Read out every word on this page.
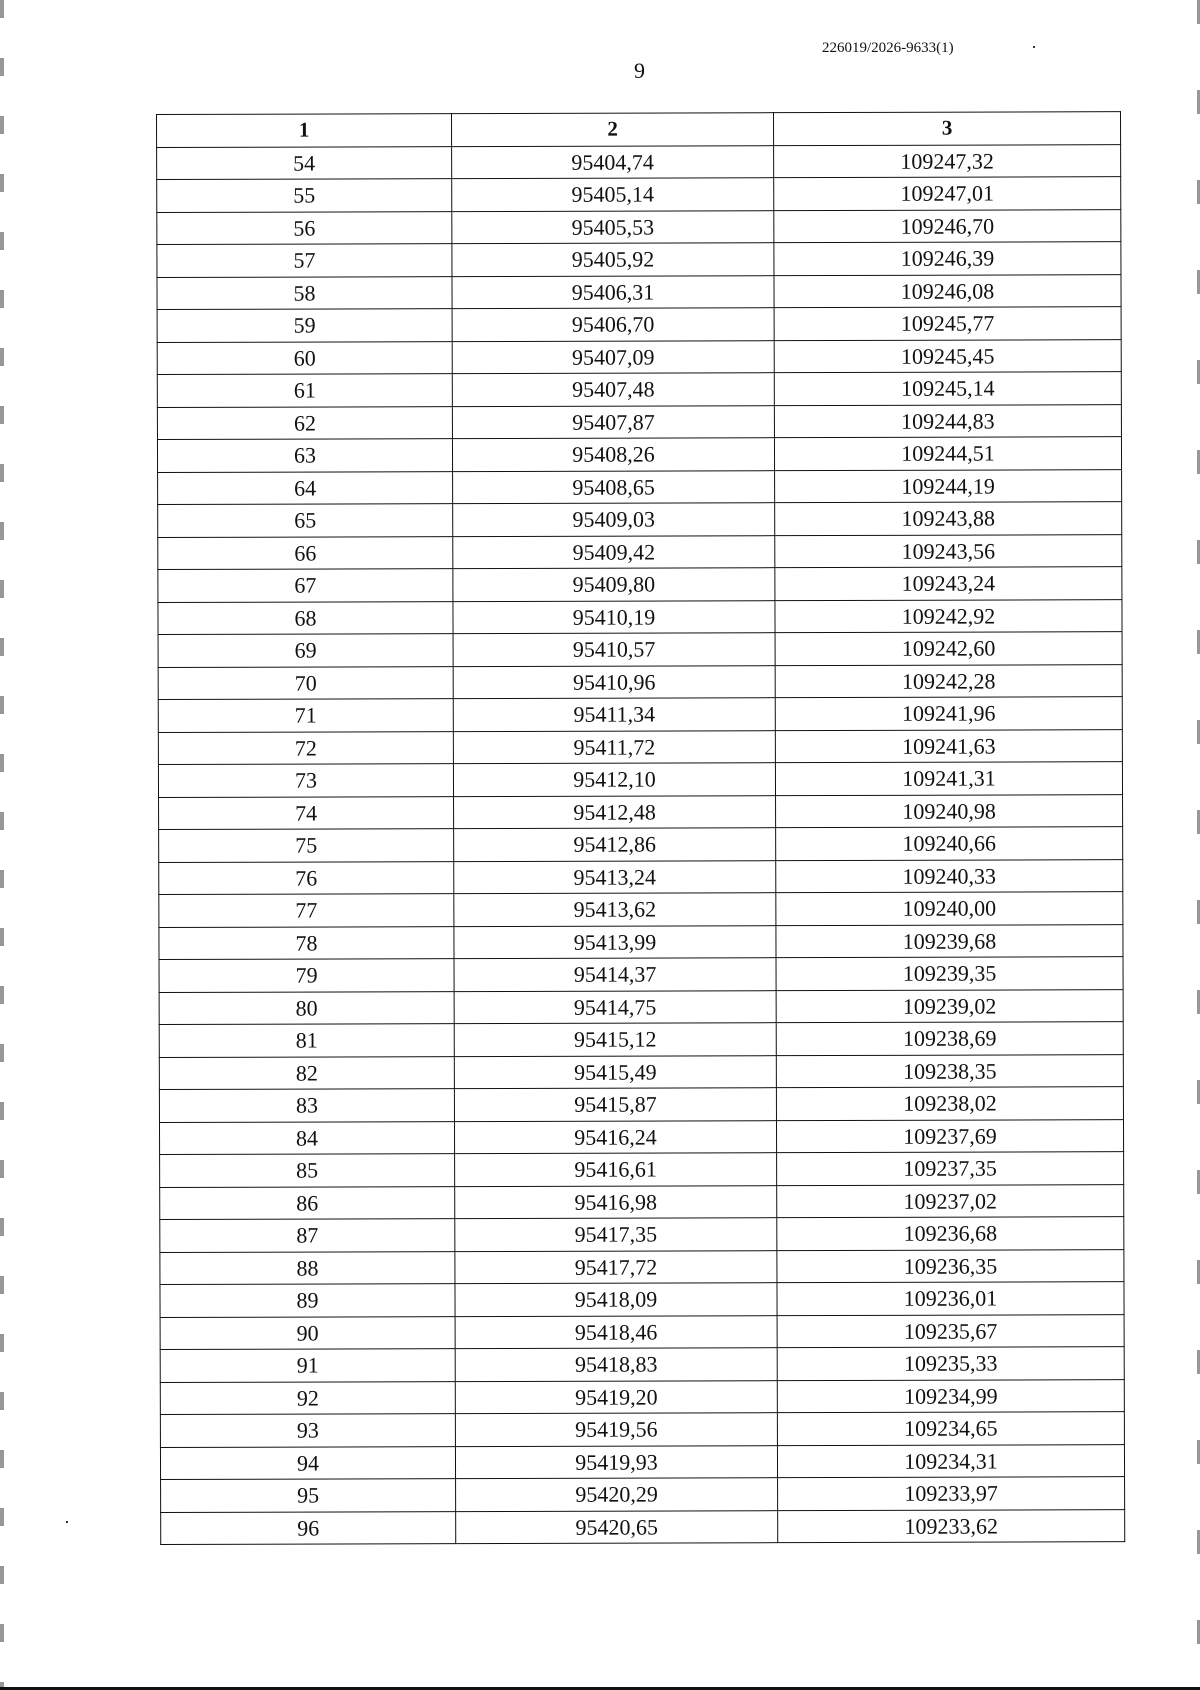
226019/2026-9633(1)
9
1	2	3
54	95404,74	109247,32
55	95405,14	109247,01
56	95405,53	109246,70
57	95405,92	109246,39
58	95406,31	109246,08
59	95406,70	109245,77
60	95407,09	109245,45
61	95407,48	109245,14
62	95407,87	109244,83
63	95408,26	109244,51
64	95408,65	109244,19
65	95409,03	109243,88
66	95409,42	109243,56
67	95409,80	109243,24
68	95410,19	109242,92
69	95410,57	109242,60
70	95410,96	109242,28
71	95411,34	109241,96
72	95411,72	109241,63
73	95412,10	109241,31
74	95412,48	109240,98
75	95412,86	109240,66
76	95413,24	109240,33
77	95413,62	109240,00
78	95413,99	109239,68
79	95414,37	109239,35
80	95414,75	109239,02
81	95415,12	109238,69
82	95415,49	109238,35
83	95415,87	109238,02
84	95416,24	109237,69
85	95416,61	109237,35
86	95416,98	109237,02
87	95417,35	109236,68
88	95417,72	109236,35
89	95418,09	109236,01
90	95418,46	109235,67
91	95418,83	109235,33
92	95419,20	109234,99
93	95419,56	109234,65
94	95419,93	109234,31
95	95420,29	109233,97
96	95420,65	109233,62
